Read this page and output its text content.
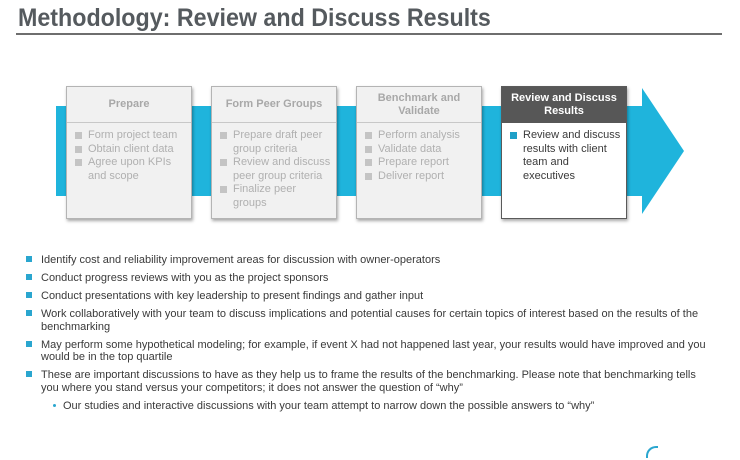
Methodology: Review and Discuss Results
Prepare
Form project team
Obtain client data
Agree upon KPIs and scope
Form Peer Groups
Prepare draft peer group criteria
Review and discuss peer group criteria
Finalize peer groups
Benchmark and Validate
Perform analysis
Validate data
Prepare report
Deliver report
Review and Discuss Results
Review and discuss results with client team and executives
Identify cost and reliability improvement areas for discussion with owner-operators
Conduct progress reviews with you as the project sponsors
Conduct presentations with key leadership to present findings and gather input
Work collaboratively with your team to discuss implications and potential causes for certain topics of interest based on the results of the benchmarking
May perform some hypothetical modeling; for example, if event X had not happened last year, your results would have improved and you would be in the top quartile
These are important discussions to have as they help us to frame the results of the benchmarking. Please note that benchmarking tells you where you stand versus your competitors; it does not answer the question of “why”
Our studies and interactive discussions with your team attempt to narrow down the possible answers to “why”
